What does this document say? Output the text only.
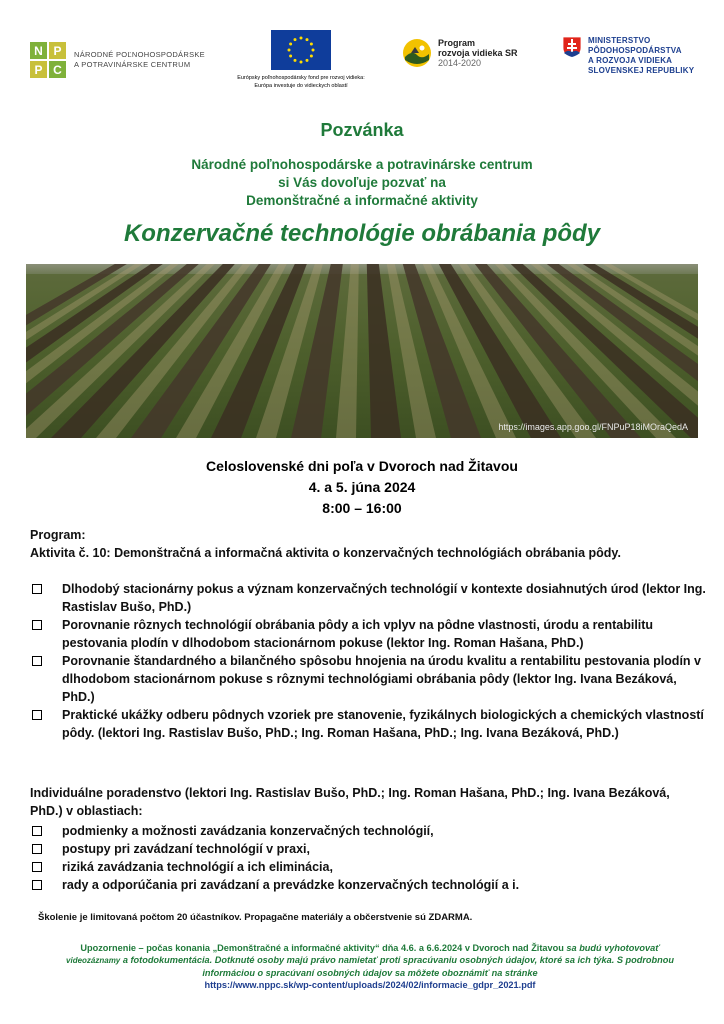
N P
P C
NÁRODNÉ POĽNOHOSPODÁRSKE
A POTRAVINÁRSKE CENTRUM
Európsky poľnohospodársky fond pre rozvoj vidieka:
Európa investuje do vidieckych oblastí
Program
rozvoja vidieka SR
2014-2020
MINISTERSTVO
PÔDOHOSPODÁRSTVA
A ROZVOJA VIDIEKA
SLOVENSKEJ REPUBLIKY
Pozvánka
Národné poľnohospodárske a potravinárske centrum
si Vás dovoľuje pozvať na
Demonštračné a informačné aktivity
Konzervačné technológie obrábania pôdy
https://images.app.goo.gl/FNPuP18iMOraQedA
Celoslovenské dni poľa v Dvoroch nad Žitavou
4. a 5. júna 2024
8:00 – 16:00
Program:
Aktivita č. 10: Demonštračná a informačná aktivita o konzervačných technológiách obrábania pôdy.
Dlhodobý stacionárny pokus a význam konzervačných technológií v kontexte dosiahnutých úrod (lektor Ing. Rastislav Bušo, PhD.)
Porovnanie rôznych technológií obrábania pôdy a ich vplyv na pôdne vlastnosti, úrodu a rentabilitu pestovania plodín v dlhodobom stacionárnom pokuse (lektor Ing. Roman Hašana, PhD.)
Porovnanie štandardného a bilančného spôsobu hnojenia na úrodu kvalitu a rentabilitu pestovania plodín v dlhodobom stacionárnom pokuse s rôznymi technológiami obrábania pôdy (lektor Ing. Ivana Bezáková, PhD.)
Praktické ukážky odberu pôdnych vzoriek pre stanovenie, fyzikálnych biologických a chemických vlastností pôdy. (lektori Ing. Rastislav Bušo, PhD.; Ing. Roman Hašana, PhD.; Ing. Ivana Bezáková, PhD.)
Individuálne poradenstvo (lektori Ing. Rastislav Bušo, PhD.; Ing. Roman Hašana, PhD.; Ing. Ivana Bezáková, PhD.) v oblastiach:
podmienky a možnosti zavádzania konzervačných technológií,
postupy pri zavádzaní technológií v praxi,
riziká zavádzania technológií a ich eliminácia,
rady a odporúčania pri zavádzaní a prevádzke konzervačných technológií a i.
Školenie je limitovaná počtom 20 účastníkov. Propagačne materiály a občerstvenie sú ZDARMA.
Upozornenie – počas konania „Demonštračné a informačné aktivity“ dňa 4.6. a 6.6.2024 v Dvoroch nad Žitavou sa budú vyhotovovať videozáznamy a fotodokumentácia. Dotknuté osoby majú právo namietať proti spracúvaniu osobných údajov, ktoré sa ich týka. S podrobnou informáciou o spracúvaní osobných údajov sa môžete oboznámiť na stránke
https://www.nppc.sk/wp-content/uploads/2024/02/informacie_gdpr_2021.pdf
